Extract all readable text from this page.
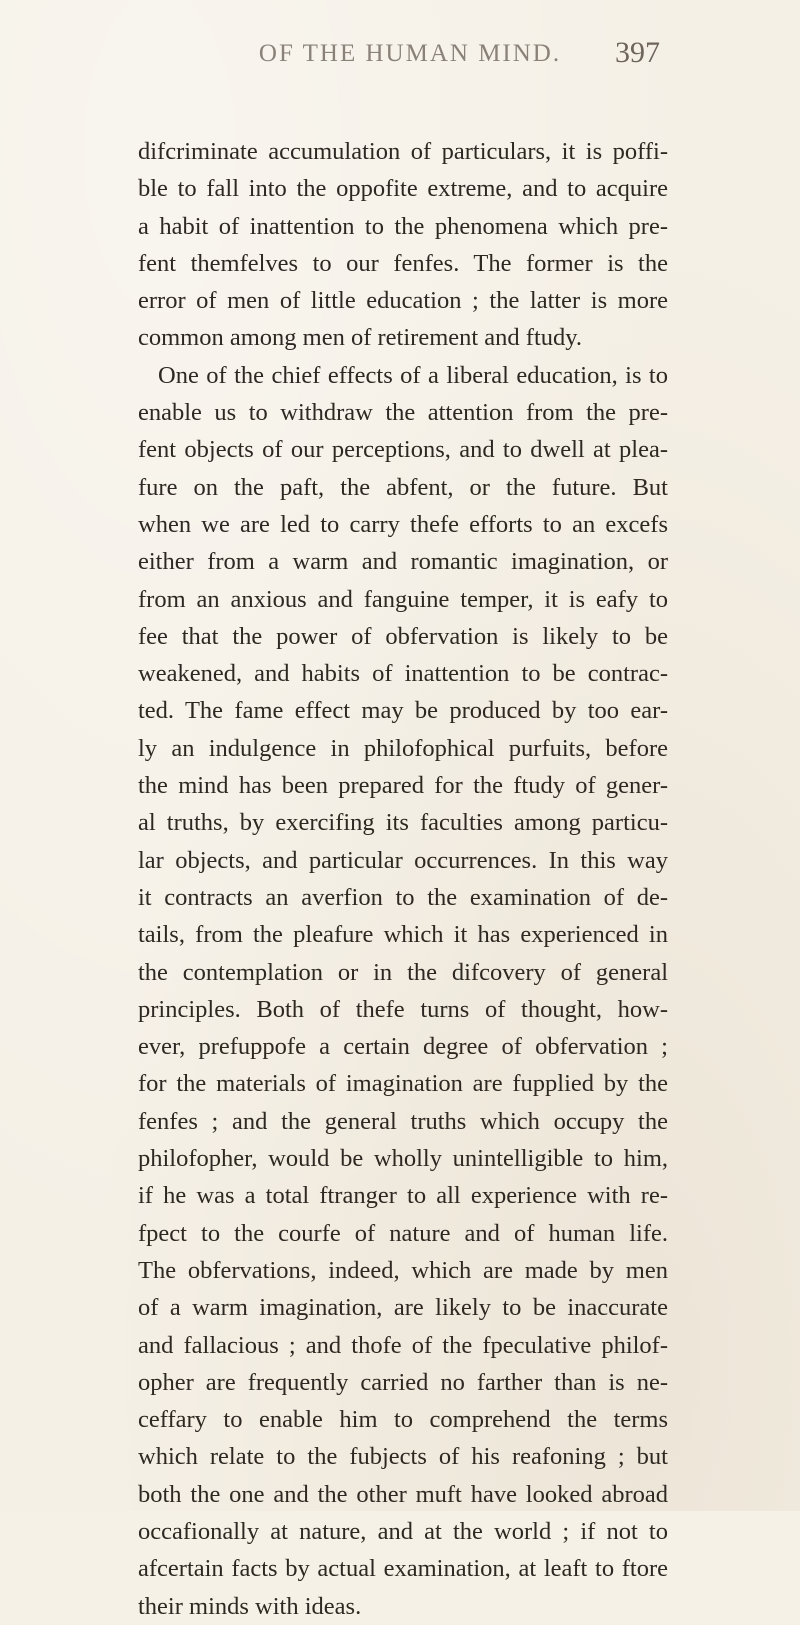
OF THE HUMAN MIND.	397
difcriminate accumulation of particulars, it is poffi-
ble to fall into the oppofite extreme, and to acquire
a habit of inattention to the phenomena which pre-
fent themfelves to our fenfes. The former is the
error of men of little education ; the latter is more
common among men of retirement and ftudy.
One of the chief effects of a liberal education, is to
enable us to withdraw the attention from the pre-
fent objects of our perceptions, and to dwell at plea-
fure on the paft, the abfent, or the future. But
when we are led to carry thefe efforts to an excefs
either from a warm and romantic imagination, or
from an anxious and fanguine temper, it is eafy to
fee that the power of obfervation is likely to be
weakened, and habits of inattention to be contrac-
ted. The fame effect may be produced by too ear-
ly an indulgence in philofophical purfuits, before
the mind has been prepared for the ftudy of gener-
al truths, by exercifing its faculties among particu-
lar objects, and particular occurrences. In this way
it contracts an averfion to the examination of de-
tails, from the pleafure which it has experienced in
the contemplation or in the difcovery of general
principles. Both of thefe turns of thought, how-
ever, prefuppofe a certain degree of obfervation ;
for the materials of imagination are fupplied by the
fenfes ; and the general truths which occupy the
philofopher, would be wholly unintelligible to him,
if he was a total ftranger to all experience with re-
fpect to the courfe of nature and of human life.
The obfervations, indeed, which are made by men
of a warm imagination, are likely to be inaccurate
and fallacious ; and thofe of the fpeculative philof-
opher are frequently carried no farther than is ne-
ceffary to enable him to comprehend the terms
which relate to the fubjects of his reafoning ; but
both the one and the other muft have looked abroad
occafionally at nature, and at the world ; if not to
afcertain facts by actual examination, at leaft to ftore
their minds with ideas.
